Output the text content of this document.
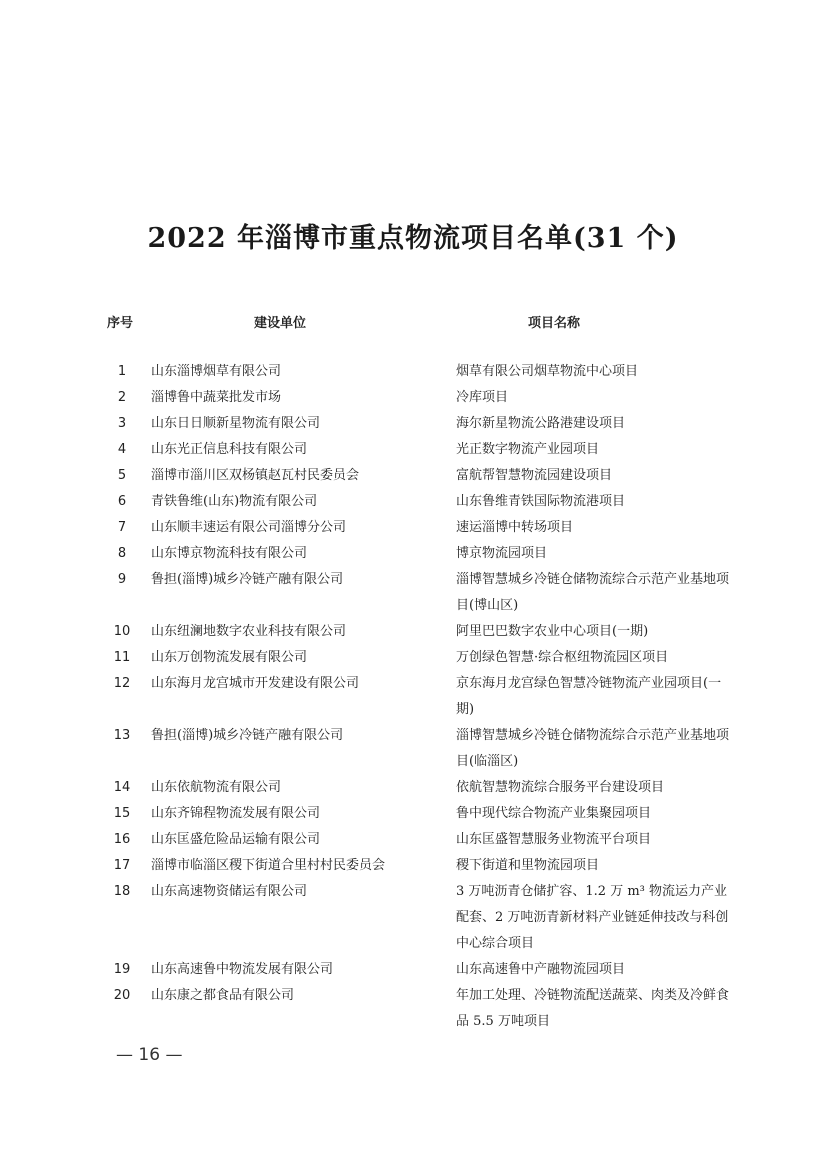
2022 年淄博市重点物流项目名单(31 个)
序号	建设单位	项目名称
1	山东淄博烟草有限公司	烟草有限公司烟草物流中心项目
2	淄博鲁中蔬菜批发市场	冷库项目
3	山东日日顺新星物流有限公司	海尔新星物流公路港建设项目
4	山东光正信息科技有限公司	光正数字物流产业园项目
5	淄博市淄川区双杨镇赵瓦村民委员会	富航帮智慧物流园建设项目
6	青铁鲁维(山东)物流有限公司	山东鲁维青铁国际物流港项目
7	山东顺丰速运有限公司淄博分公司	速运淄博中转场项目
8	山东博京物流科技有限公司	博京物流园项目
9	鲁担(淄博)城乡冷链产融有限公司	淄博智慧城乡冷链仓储物流综合示范产业基地项目(博山区)
10	山东纽澜地数字农业科技有限公司	阿里巴巴数字农业中心项目(一期)
11	山东万创物流发展有限公司	万创绿色智慧·综合枢纽物流园区项目
12	山东海月龙宫城市开发建设有限公司	京东海月龙宫绿色智慧冷链物流产业园项目(一期)
13	鲁担(淄博)城乡冷链产融有限公司	淄博智慧城乡冷链仓储物流综合示范产业基地项目(临淄区)
14	山东依航物流有限公司	依航智慧物流综合服务平台建设项目
15	山东齐锦程物流发展有限公司	鲁中现代综合物流产业集聚园项目
16	山东匡盛危险品运输有限公司	山东匡盛智慧服务业物流平台项目
17	淄博市临淄区稷下街道合里村村民委员会	稷下街道和里物流园项目
18	山东高速物资储运有限公司	3 万吨沥青仓储扩容、1.2 万 m³ 物流运力产业配套、2 万吨沥青新材料产业链延伸技改与科创中心综合项目
19	山东高速鲁中物流发展有限公司	山东高速鲁中产融物流园项目
20	山东康之都食品有限公司	年加工处理、冷链物流配送蔬菜、肉类及冷鲜食品 5.5 万吨项目
— 16 —
